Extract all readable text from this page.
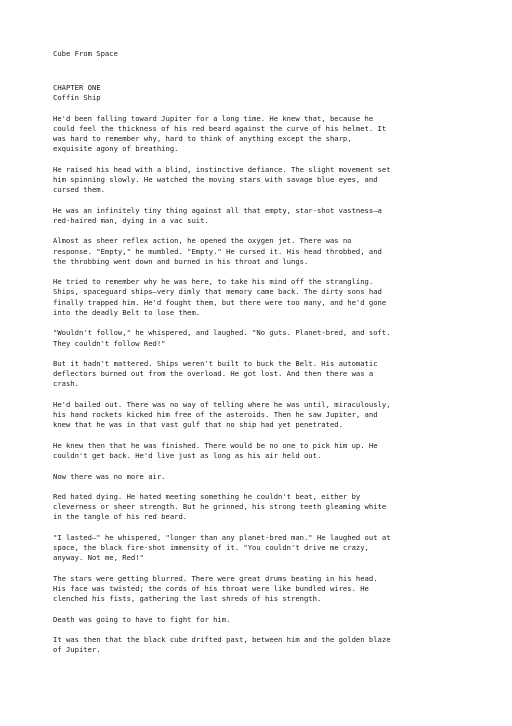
Cube From Space
CHAPTER ONE
Coffin Ship

He'd been falling toward Jupiter for a long time. He knew that, because he
could feel the thickness of his red beard against the curve of his helmet. It
was hard to remember why, hard to think of anything except the sharp,
exquisite agony of breathing.

He raised his head with a blind, instinctive defiance. The slight movement set
him spinning slowly. He watched the moving stars with savage blue eyes, and
cursed them.

He was an infinitely tiny thing against all that empty, star-shot vastness—a
red-haired man, dying in a vac suit.

Almost as sheer reflex action, he opened the oxygen jet. There was no
response. "Empty," he mumbled. "Empty." He cursed it. His head throbbed, and
the throbbing went down and burned in his throat and lungs.

He tried to remember why he was here, to take his mind off the strangling.
Ships, spaceguard ships—very dimly that memory came back. The dirty sons had
finally trapped him. He'd fought them, but there were too many, and he'd gone
into the deadly Belt to lose them.

"Wouldn't follow," he whispered, and laughed. "No guts. Planet-bred, and soft.
They couldn't follow Red!"

But it hadn't mattered. Ships weren't built to buck the Belt. His automatic
deflectors burned out from the overload. He got lost. And then there was a
crash.

He'd bailed out. There was no way of telling where he was until, miraculously,
his hand rockets kicked him free of the asteroids. Then he saw Jupiter, and
knew that he was in that vast gulf that no ship had yet penetrated.

He knew then that he was finished. There would be no one to pick him up. He
couldn't get back. He'd live just as long as his air held out.

Now there was no more air.

Red hated dying. He hated meeting something he couldn't beat, either by
cleverness or sheer strength. But he grinned, his strong teeth gleaming white
in the tangle of his red beard.

"I lasted—" he whispered, "longer than any planet-bred man." He laughed out at
space, the black fire-shot immensity of it. "You couldn't drive me crazy,
anyway. Not me, Red!"

The stars were getting blurred. There were great drums beating in his head.
His face was twisted; the cords of his throat were like bundled wires. He
clenched his fists, gathering the last shreds of his strength.

Death was going to have to fight for him.

It was then that the black cube drifted past, between him and the golden blaze
of Jupiter.
